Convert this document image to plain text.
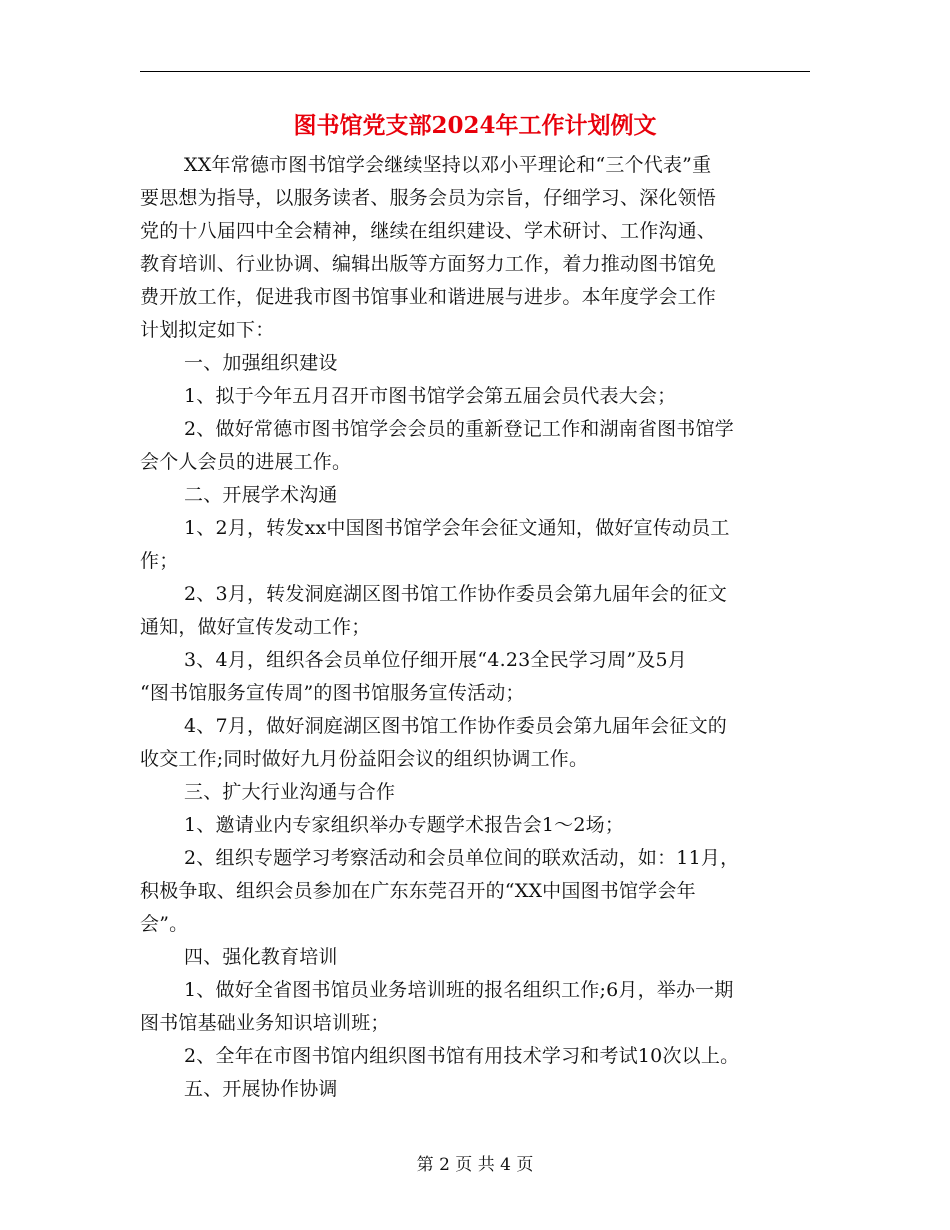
图书馆党支部2024年工作计划例文

XX年常德市图书馆学会继续坚持以邓小平理论和“三个代表”重
要思想为指导，以服务读者、服务会员为宗旨，仔细学习、深化领悟
党的十八届四中全会精神，继续在组织建设、学术研讨、工作沟通、
教育培训、行业协调、编辑出版等方面努力工作，着力推动图书馆免
费开放工作，促进我市图书馆事业和谐进展与进步。本年度学会工作
计划拟定如下：

一、加强组织建设

1、拟于今年五月召开市图书馆学会第五届会员代表大会；

2、做好常德市图书馆学会会员的重新登记工作和湖南省图书馆学
会个人会员的进展工作。

二、开展学术沟通

1、2月，转发xx中国图书馆学会年会征文通知，做好宣传动员工
作；

2、3月，转发洞庭湖区图书馆工作协作委员会第九届年会的征文
通知，做好宣传发动工作；

3、4月，组织各会员单位仔细开展“4.23全民学习周”及5月
“图书馆服务宣传周”的图书馆服务宣传活动；

4、7月，做好洞庭湖区图书馆工作协作委员会第九届年会征文的
收交工作;同时做好九月份益阳会议的组织协调工作。

三、扩大行业沟通与合作

1、邀请业内专家组织举办专题学术报告会1～2场；

2、组织专题学习考察活动和会员单位间的联欢活动，如：11月，
积极争取、组织会员参加在广东东莞召开的“XX中国图书馆学会年
会”。

四、强化教育培训

1、做好全省图书馆员业务培训班的报名组织工作;6月，举办一期
图书馆基础业务知识培训班；

2、全年在市图书馆内组织图书馆有用技术学习和考试10次以上。

五、开展协作协调

第 2 页 共 4 页
